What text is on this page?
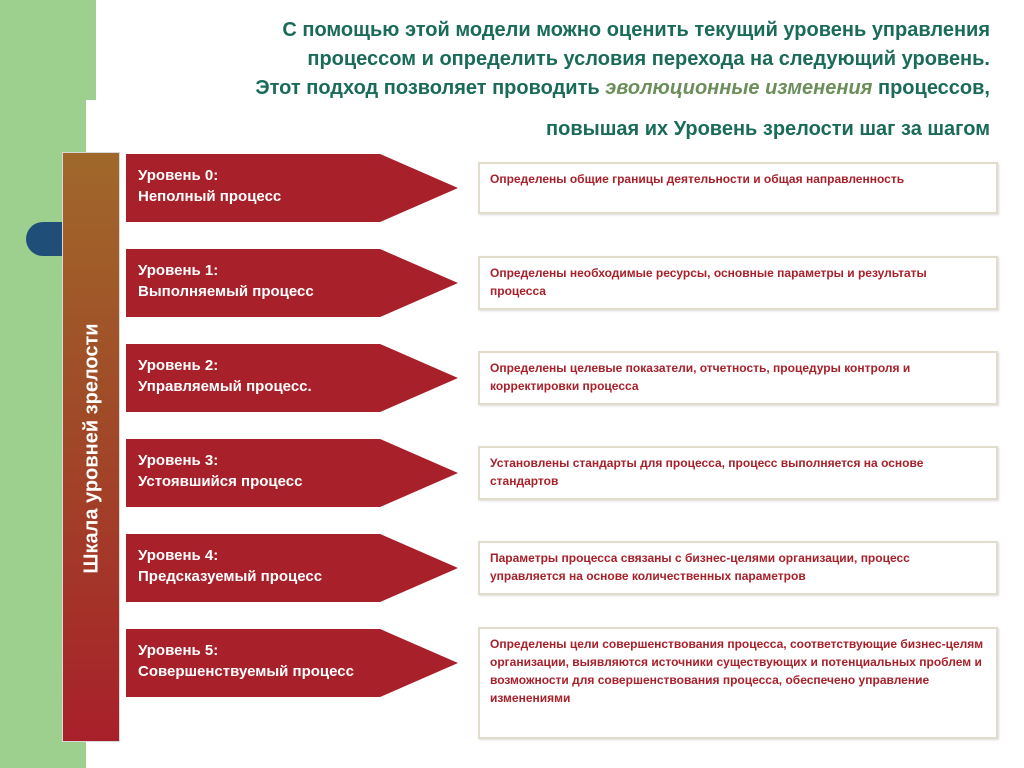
С помощью этой модели можно оценить текущий уровень управления
процессом и определить условия перехода на следующий уровень.
Этот подход позволяет проводить эволюционные изменения процессов,
повышая их Уровень зрелости шаг за шагом
Шкала уровней зрелости
Уровень 0:
Неполный процесс
Определены общие границы деятельности и общая направленность
Уровень 1:
Выполняемый процесс
Определены необходимые ресурсы, основные параметры и результаты процесса
Уровень 2:
Управляемый процесс.
Определены целевые показатели, отчетность, процедуры контроля и корректировки процесса
Уровень 3:
Устоявшийся процесс
Установлены стандарты для процесса, процесс выполняется на основе стандартов
Уровень 4:
Предсказуемый процесс
Параметры процесса связаны с бизнес-целями организации, процесс управляется на основе количественных параметров
Уровень 5:
Совершенствуемый процесс
Определены цели совершенствования процесса, соответствующие бизнес-целям организации, выявляются источники существующих и потенциальных проблем и возможности для совершенствования процесса, обеспечено управление изменениями
